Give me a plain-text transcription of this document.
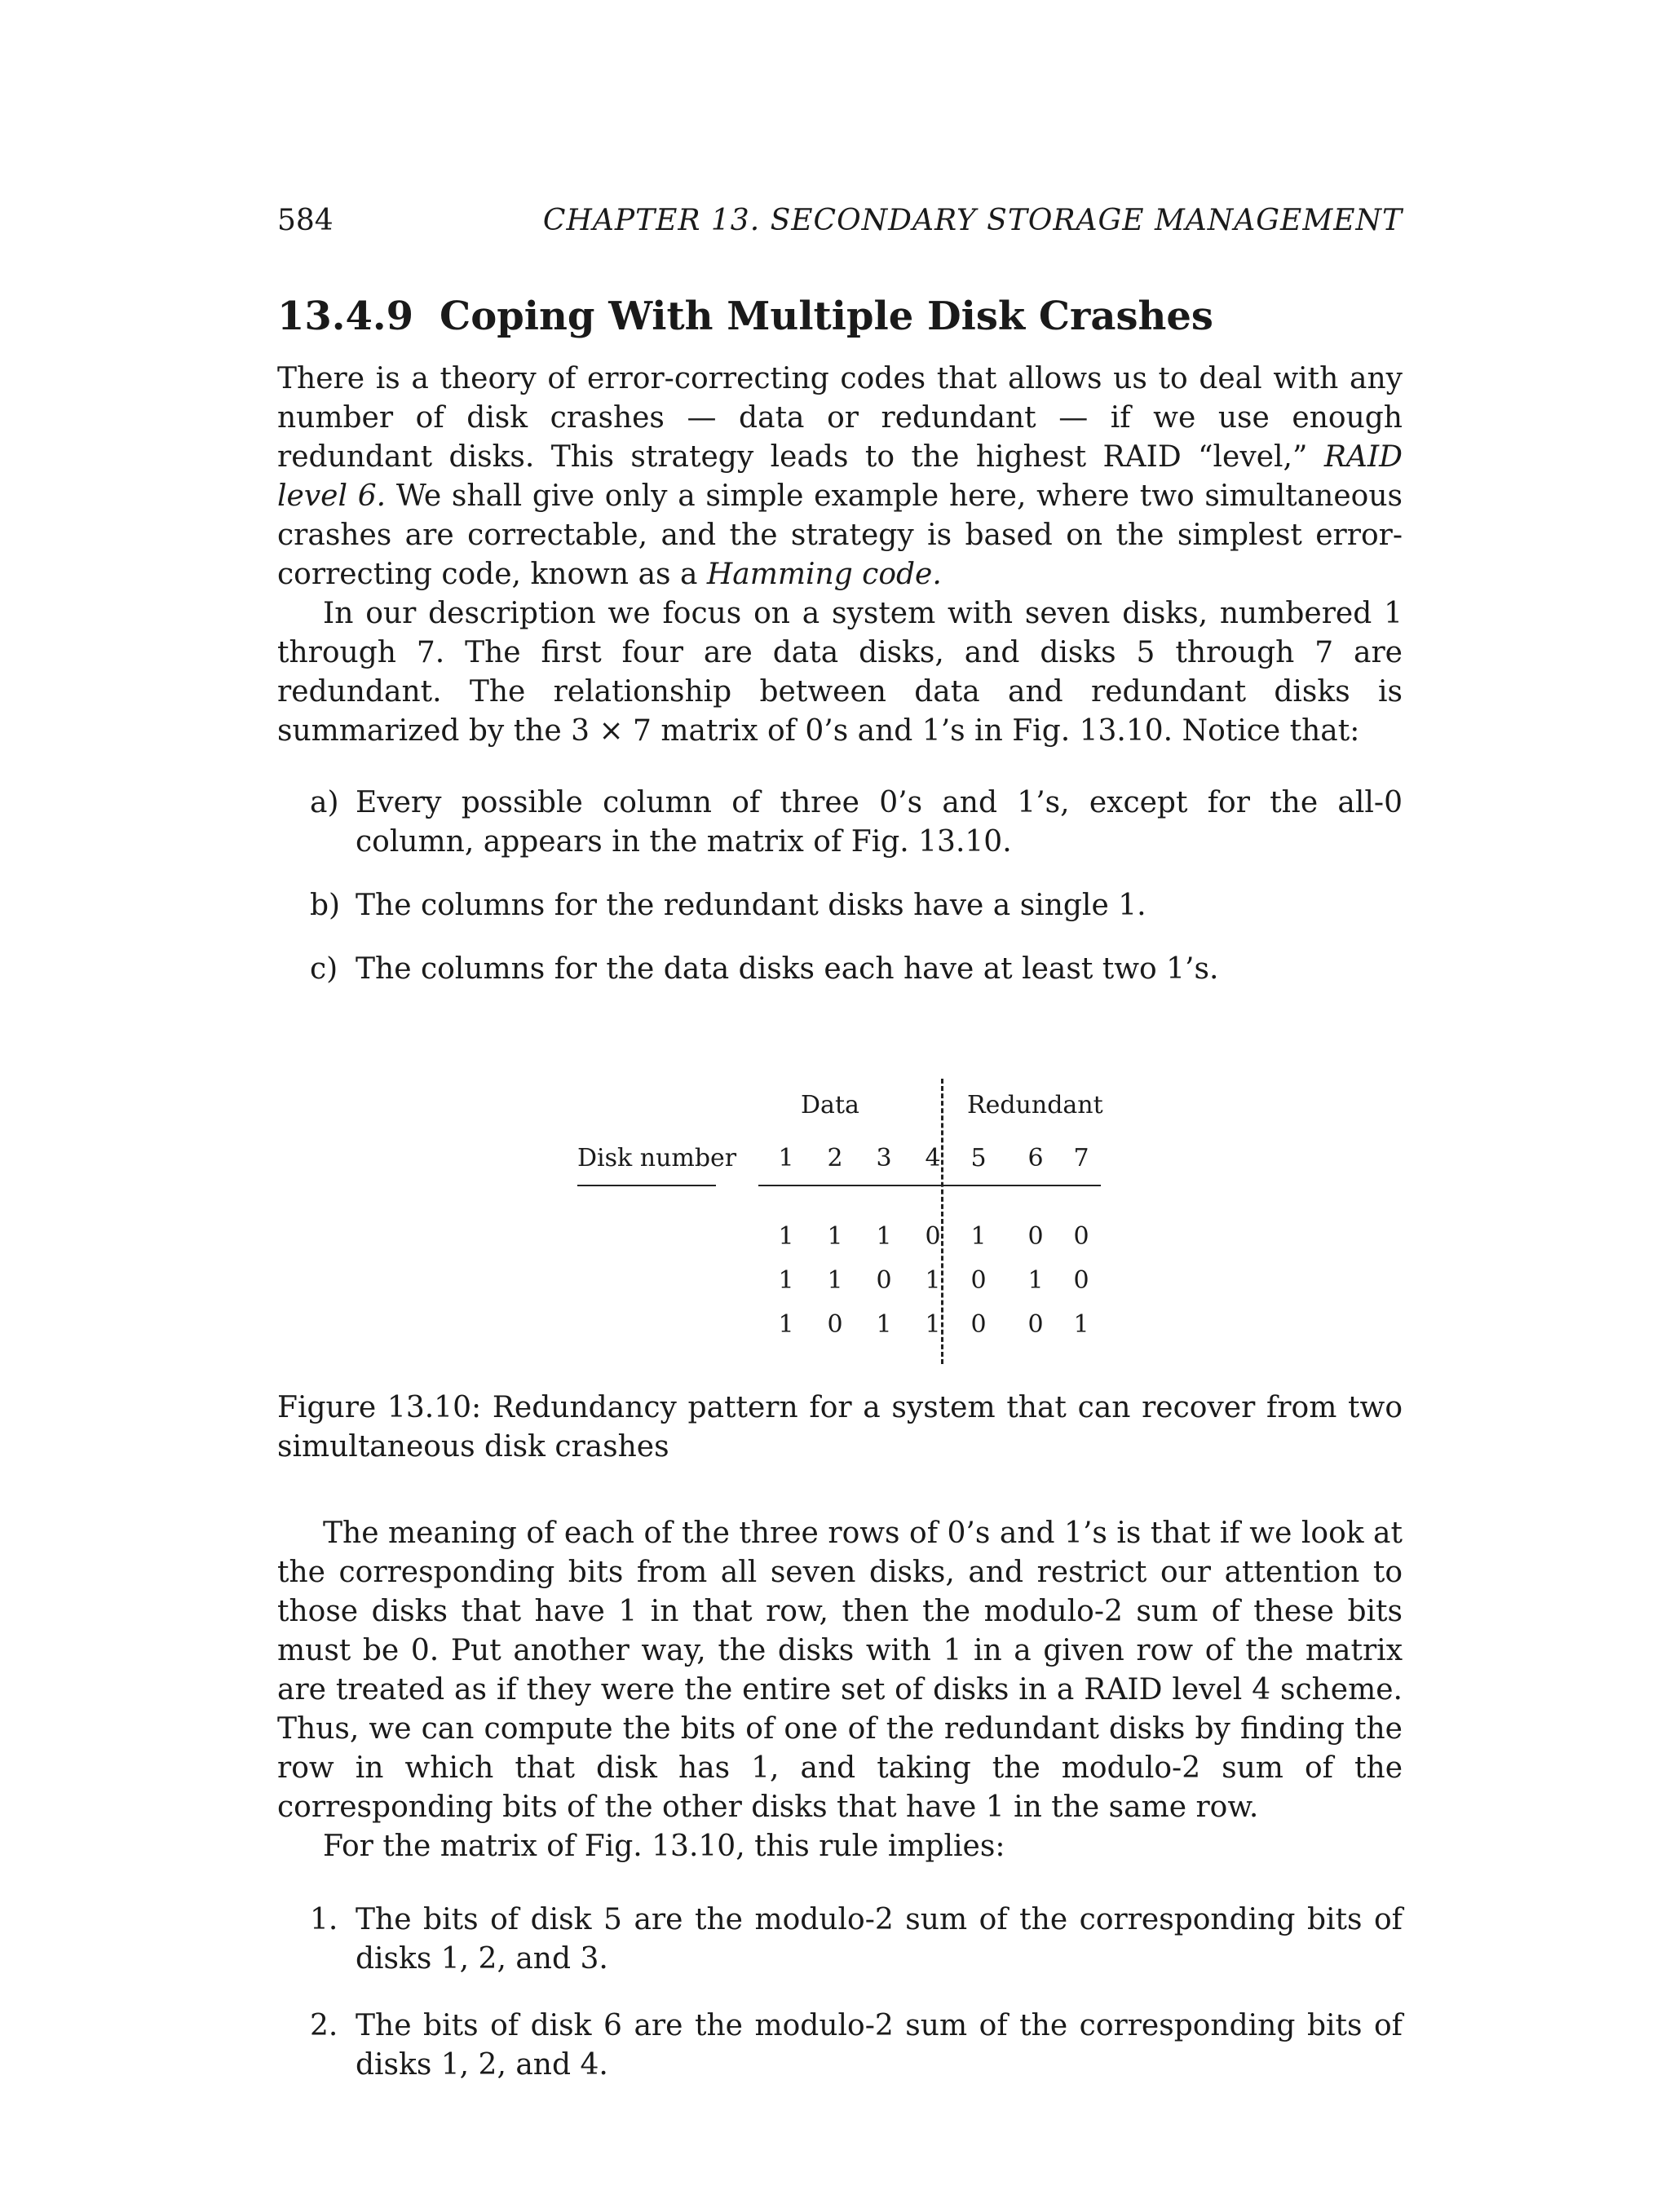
584	CHAPTER 13. SECONDARY STORAGE MANAGEMENT
13.4.9 Coping With Multiple Disk Crashes

There is a theory of error-correcting codes that allows us to deal with any number of disk crashes — data or redundant — if we use enough redundant disks. This strategy leads to the highest RAID “level,” RAID level 6. We shall give only a simple example here, where two simultaneous crashes are correctable, and the strategy is based on the simplest error-correcting code, known as a Hamming code.

In our description we focus on a system with seven disks, numbered 1 through 7. The first four are data disks, and disks 5 through 7 are redundant. The relationship between data and redundant disks is summarized by the 3 × 7 matrix of 0’s and 1’s in Fig. 13.10. Notice that:

a) Every possible column of three 0’s and 1’s, except for the all-0 column, appears in the matrix of Fig. 13.10.
b) The columns for the redundant disks have a single 1.
c) The columns for the data disks each have at least two 1’s.
Data	Redundant
Disk number	1	2	3	4	5	6	7
1	1	1	0	1	0	0
1	1	0	1	0	1	0
1	0	1	1	0	0	1

Figure 13.10: Redundancy pattern for a system that can recover from two simultaneous disk crashes

The meaning of each of the three rows of 0’s and 1’s is that if we look at the corresponding bits from all seven disks, and restrict our attention to those disks that have 1 in that row, then the modulo-2 sum of these bits must be 0. Put another way, the disks with 1 in a given row of the matrix are treated as if they were the entire set of disks in a RAID level 4 scheme. Thus, we can compute the bits of one of the redundant disks by finding the row in which that disk has 1, and taking the modulo-2 sum of the corresponding bits of the other disks that have 1 in the same row.

For the matrix of Fig. 13.10, this rule implies:

1. The bits of disk 5 are the modulo-2 sum of the corresponding bits of disks 1, 2, and 3.
2. The bits of disk 6 are the modulo-2 sum of the corresponding bits of disks 1, 2, and 4.
